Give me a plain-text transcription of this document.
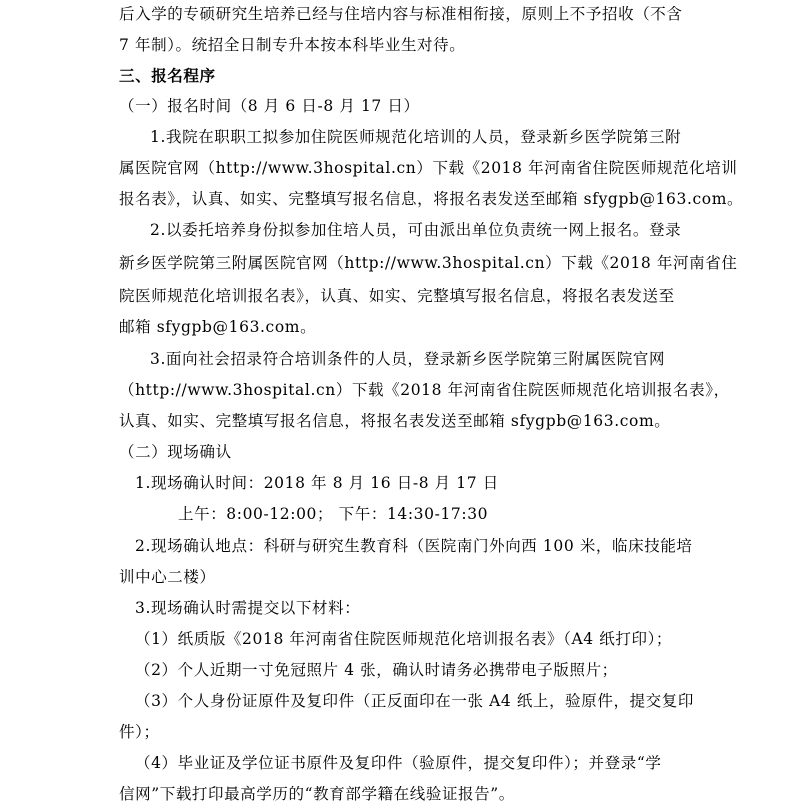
后入学的专硕研究生培养已经与住培内容与标准相衔接，原则上不予招收（不含
7 年制）。统招全日制专升本按本科毕业生对待。
三、报名程序
（一）报名时间（8 月 6 日-8 月 17 日）
1.我院在职职工拟参加住院医师规范化培训的人员，登录新乡医学院第三附
属医院官网（http://www.3hospital.cn）下载《2018 年河南省住院医师规范化培训
报名表》，认真、如实、完整填写报名信息，将报名表发送至邮箱 sfygpb@163.com。
2.以委托培养身份拟参加住培人员，可由派出单位负责统一网上报名。登录
新乡医学院第三附属医院官网（http://www.3hospital.cn）下载《2018 年河南省住
院医师规范化培训报名表》，认真、如实、完整填写报名信息，将报名表发送至
邮箱 sfygpb@163.com。
3.面向社会招录符合培训条件的人员，登录新乡医学院第三附属医院官网
（http://www.3hospital.cn）下载《2018 年河南省住院医师规范化培训报名表》，
认真、如实、完整填写报名信息，将报名表发送至邮箱 sfygpb@163.com。
（二）现场确认
1.现场确认时间：2018 年 8 月 16 日-8 月 17 日
上午：8:00-12:00； 下午：14:30-17:30
2.现场确认地点：科研与研究生教育科（医院南门外向西 100 米，临床技能培
训中心二楼）
3.现场确认时需提交以下材料：
（1）纸质版《2018 年河南省住院医师规范化培训报名表》（A4 纸打印）；
（2）个人近期一寸免冠照片 4 张，确认时请务必携带电子版照片；
（3）个人身份证原件及复印件（正反面印在一张 A4 纸上，验原件，提交复印
件）；
（4）毕业证及学位证书原件及复印件（验原件，提交复印件）；并登录“学
信网”下载打印最高学历的“教育部学籍在线验证报告”。
